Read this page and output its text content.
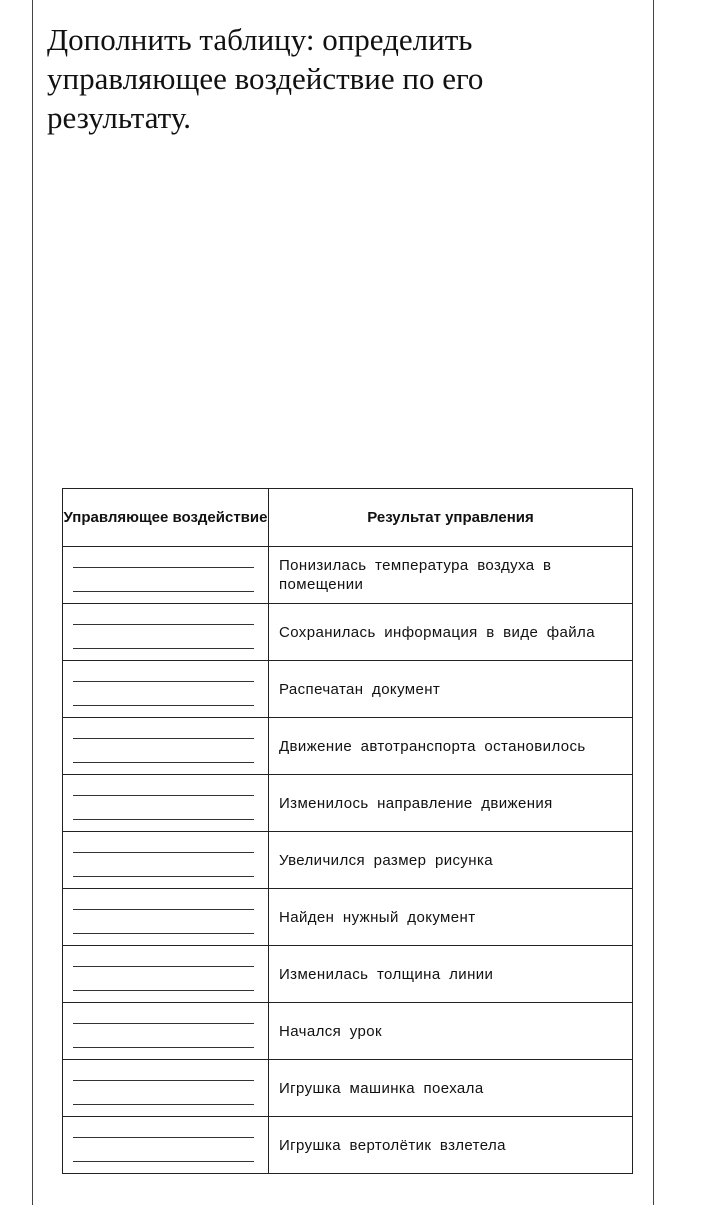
Дополнить таблицу: определить управляющее воздействие по его результату.

Управляющее воздействие	Результат управления

	Понизилась температура воздуха в помещении

	Сохранилась информация в виде файла

	Распечатан документ

	Движение автотранспорта остановилось

	Изменилось направление движения

	Увеличился размер рисунка

	Найден нужный документ

	Изменилась толщина линии

	Начался урок

	Игрушка машинка поехала

	Игрушка вертолётик взлетела
